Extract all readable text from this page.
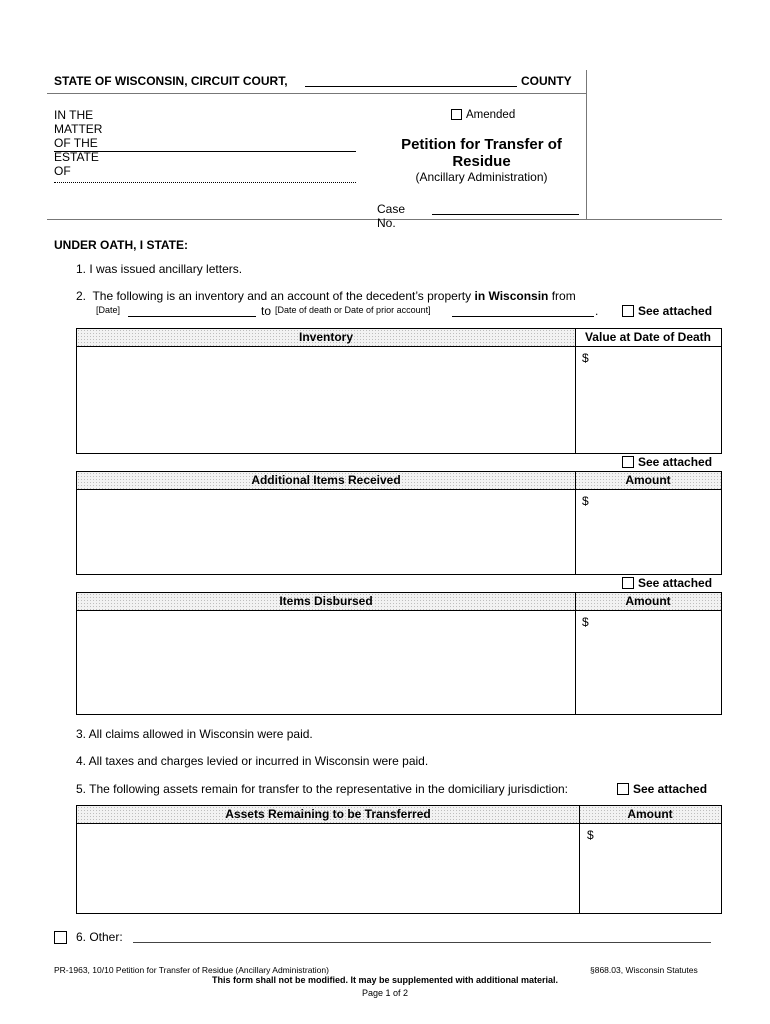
STATE OF WISCONSIN, CIRCUIT COURT,	COUNTY
IN THE MATTER OF THE ESTATE OF
Amended
Petition for Transfer of
Residue
(Ancillary Administration)
Case No.
UNDER OATH, I STATE:
1. I was issued ancillary letters.
2.  The following is an inventory and an account of the decedent’s property in Wisconsin from
[Date]	to [Date of death or Date of prior account]	.	See attached
Inventory	Value at Date of Death
$
See attached
Additional Items Received	Amount
$
See attached
Items Disbursed	Amount
$
3. All claims allowed in Wisconsin were paid.
4. All taxes and charges levied or incurred in Wisconsin were paid.
5. The following assets remain for transfer to the representative in the domiciliary jurisdiction:	See attached
Assets Remaining to be Transferred	Amount
$
6. Other:
PR-1963, 10/10 Petition for Transfer of Residue (Ancillary Administration)	§868.03, Wisconsin Statutes
This form shall not be modified. It may be supplemented with additional material.
Page 1 of 2
